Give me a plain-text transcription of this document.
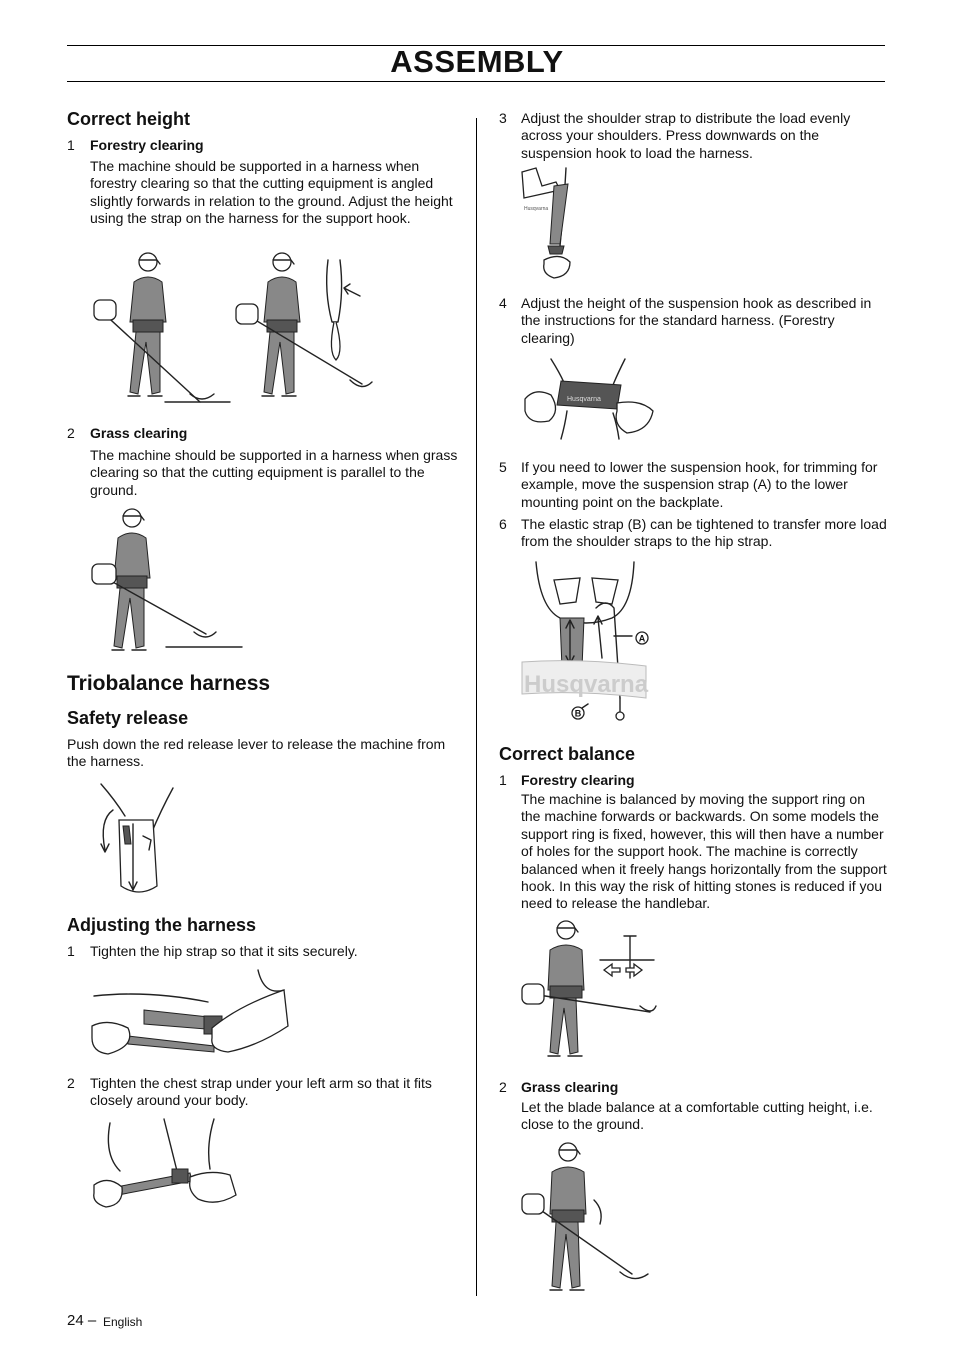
ASSEMBLY
Correct height
1 Forestry clearing
The machine should be supported in a harness when forestry clearing so that the cutting equipment is angled slightly forwards in relation to the ground. Adjust the height using the strap on the harness for the support hook.
2 Grass clearing
The machine should be supported in a harness when grass clearing so that the cutting equipment is parallel to the ground.
Triobalance harness
Safety release
Push down the red release lever to release the machine from the harness.
Adjusting the harness
1 Tighten the hip strap so that it sits securely.
2 Tighten the chest strap under your left arm so that it fits closely around your body.
24 – English
3 Adjust the shoulder strap to distribute the load evenly across your shoulders. Press downwards on the suspension hook to load the harness.
Husqvarna
4 Adjust the height of the suspension hook as described in the instructions for the standard harness. (Forestry clearing)
Husqvarna
5 If you need to lower the suspension hook, for trimming for example, move the suspension strap (A) to the lower mounting point on the backplate.
6 The elastic strap (B) can be tightened to transfer more load from the shoulder straps to the hip strap.
Husqvarna
A
B
Correct balance
1 Forestry clearing
The machine is balanced by moving the support ring on the machine forwards or backwards. On some models the support ring is fixed, however, this will then have a number of holes for the support hook. The machine is correctly balanced when it freely hangs horizontally from the support hook. In this way the risk of hitting stones is reduced if you need to release the handlebar.
2 Grass clearing
Let the blade balance at a comfortable cutting height, i.e. close to the ground.
